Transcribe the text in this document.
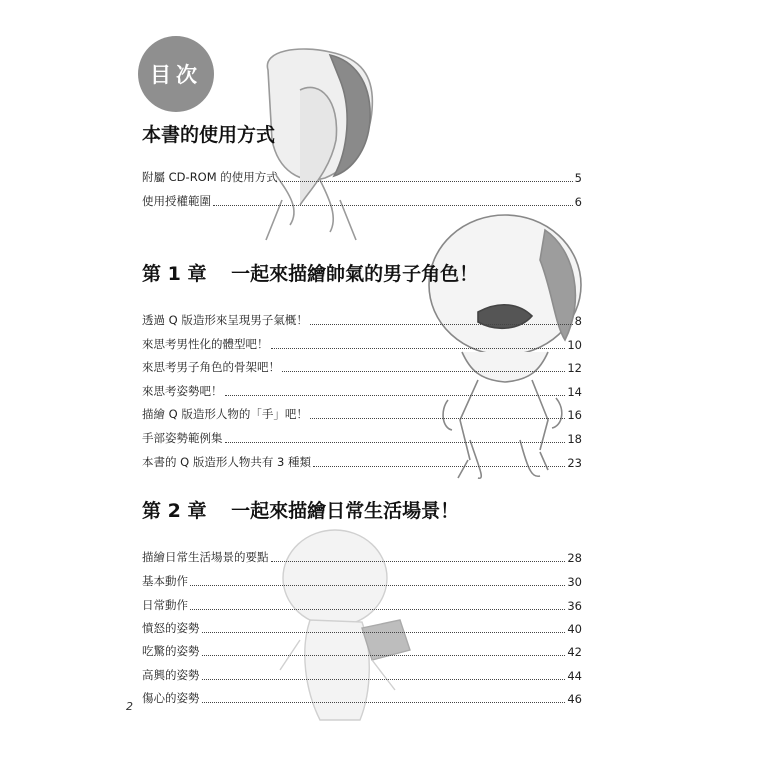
目次
本書的使用方式
附屬 CD-ROM 的使用方式	5
使用授權範圍	6
第 1 章 一起來描繪帥氣的男子角色！
透過 Q 版造形來呈現男子氣概！	8
來思考男性化的體型吧！	10
來思考男子角色的骨架吧！	12
來思考姿勢吧！	14
描繪 Q 版造形人物的「手」吧！	16
手部姿勢範例集	18
本書的 Q 版造形人物共有 3 種類	23
第 2 章 一起來描繪日常生活場景！
描繪日常生活場景的要點	28
基本動作	30
日常動作	36
憤怒的姿勢	40
吃驚的姿勢	42
高興的姿勢	44
傷心的姿勢	46
2
